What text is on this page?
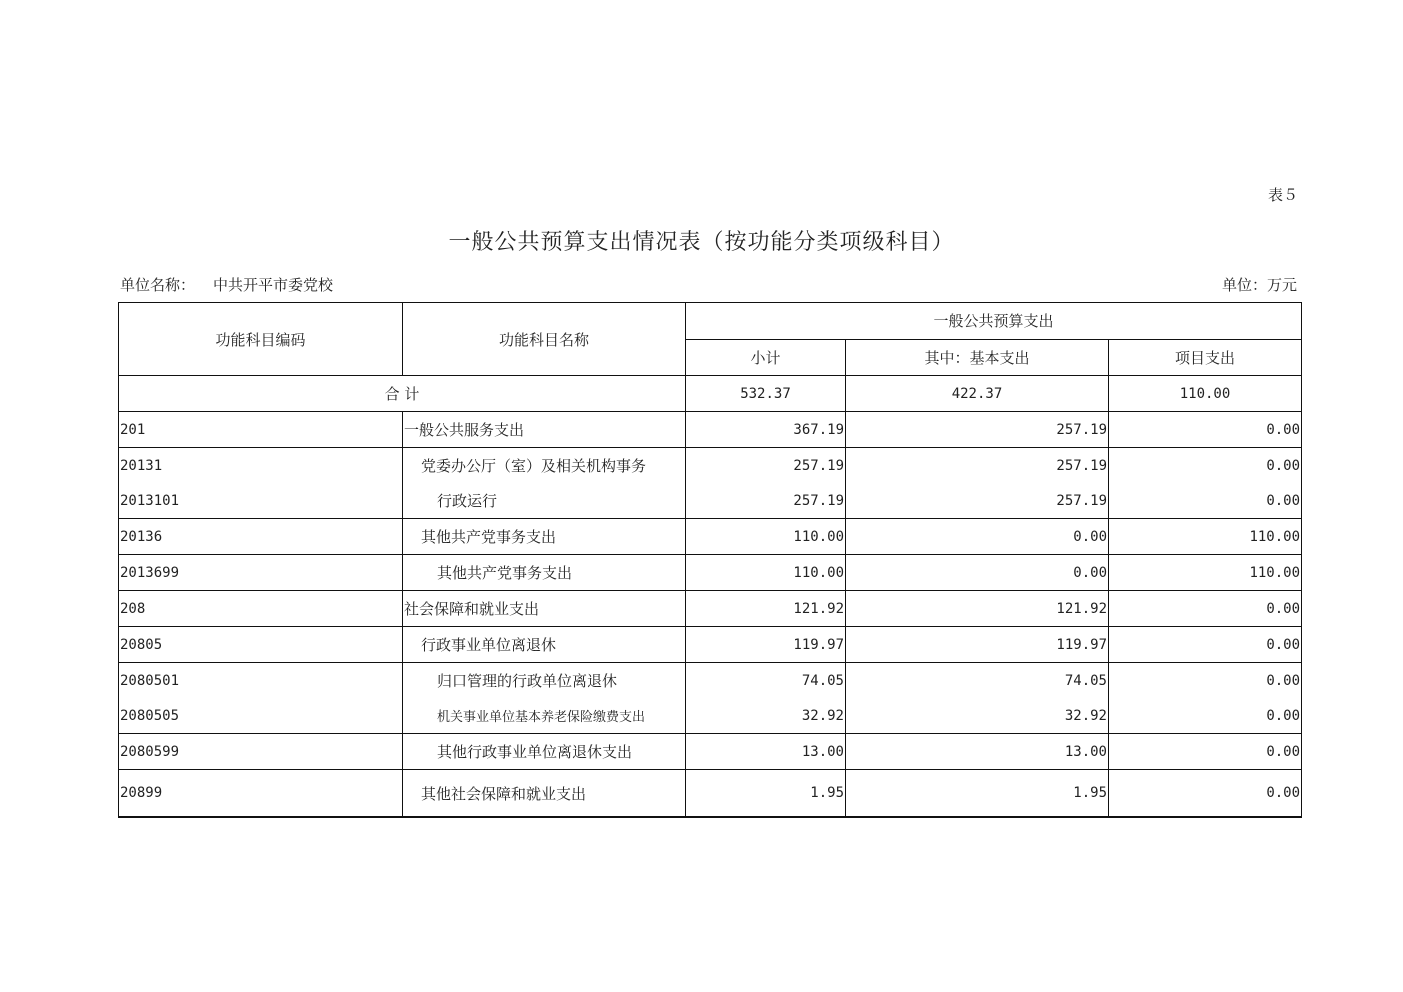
表５
一般公共预算支出情况表（按功能分类项级科目）
单位名称： 中共开平市委党校	单位：万元
功能科目编码	功能科目名称	一般公共预算支出		
		小计	其中：基本支出	项目支出
合 计		532.37	422.37	110.00
201	一般公共服务支出	367.19	257.19	0.00
20131	党委办公厅（室）及相关机构事务	257.19	257.19	0.00
2013101	行政运行	257.19	257.19	0.00
20136	其他共产党事务支出	110.00	0.00	110.00
2013699	其他共产党事务支出	110.00	0.00	110.00
208	社会保障和就业支出	121.92	121.92	0.00
20805	行政事业单位离退休	119.97	119.97	0.00
2080501	归口管理的行政单位离退休	74.05	74.05	0.00
2080505	机关事业单位基本养老保险缴费支出	32.92	32.92	0.00
2080599	其他行政事业单位离退休支出	13.00	13.00	0.00
20899	其他社会保障和就业支出	1.95	1.95	0.00
